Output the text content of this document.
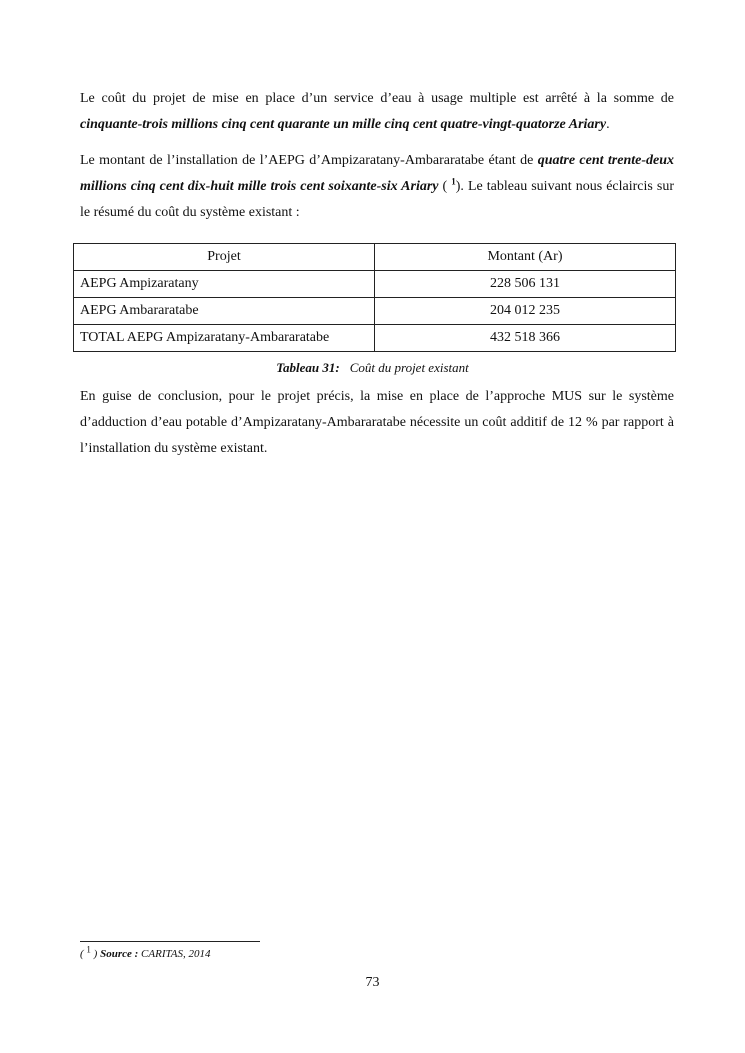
Le coût du projet de mise en place d’un service d’eau à usage multiple est arrêté à la somme de cinquante-trois millions cinq cent quarante un mille cinq cent quatre-vingt-quatorze Ariary.

Le montant de l’installation de l’AEPG d’Ampizaratany-Ambararatabe étant de quatre cent trente-deux millions cinq cent dix-huit mille trois cent soixante-six Ariary ( $^1$). Le tableau suivant nous éclaircis sur le résumé du coût du système existant :

Projet	Montant (Ar)
AEPG Ampizaratany	228 506 131
AEPG Ambararatabe	204 012 235
TOTAL AEPG Ampizaratany-Ambararatabe	432 518 366
Tableau 31: Coût du projet existant

En guise de conclusion, pour le projet précis, la mise en place de l’approche MUS sur le système d’adduction d’eau potable d’Ampizaratany-Ambararatabe nécessite un coût additif de 12 % par rapport à l’installation du système existant.

( $^1$ ) Source : CARITAS, 2014
73
